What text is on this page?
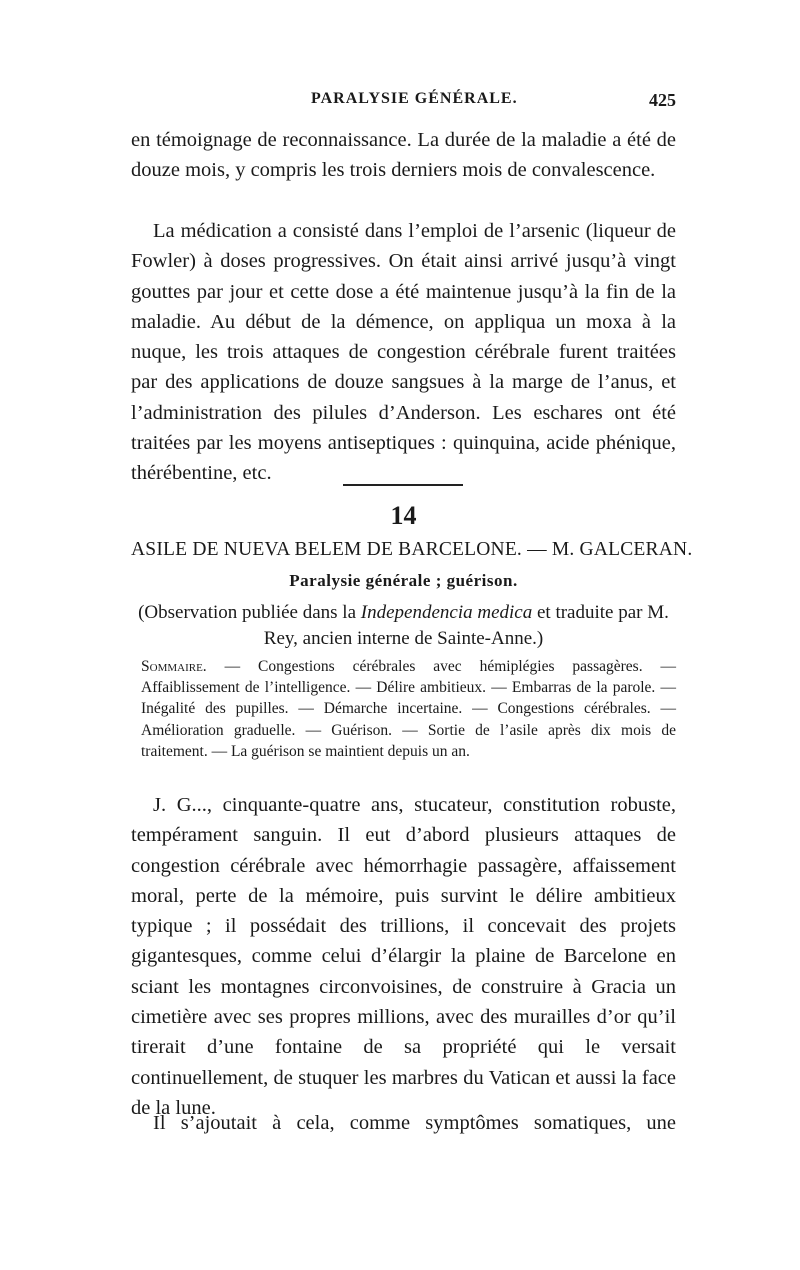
PARALYSIE GÉNÉRALE.	425

en témoignage de reconnaissance. La durée de la maladie a été de douze mois, y compris les trois derniers mois de convalescence.

La médication a consisté dans l’emploi de l’arsenic (liqueur de Fowler) à doses progressives. On était ainsi arrivé jusqu’à vingt gouttes par jour et cette dose a été maintenue jusqu’à la fin de la maladie. Au début de la démence, on appliqua un moxa à la nuque, les trois attaques de congestion cérébrale furent traitées par des applications de douze sangsues à la marge de l’anus, et l’administration des pilules d’Anderson. Les eschares ont été traitées par les moyens antiseptiques : quinquina, acide phénique, thérébentine, etc.

14
ASILE DE NUEVA BELEM DE BARCELONE. — M. GALCERAN.
Paralysie générale ; guérison.

(Observation publiée dans la Independencia medica et traduite par M. Rey, ancien interne de Sainte-Anne.)

Sommaire. — Congestions cérébrales avec hémiplégies passagères. — Affaiblissement de l’intelligence. — Délire ambitieux. — Embarras de la parole. — Inégalité des pupilles. — Démarche incertaine. — Congestions cérébrales. — Amélioration graduelle. — Guérison. — Sortie de l’asile après dix mois de traitement. — La guérison se maintient depuis un an.

J. G..., cinquante-quatre ans, stucateur, constitution robuste, tempérament sanguin. Il eut d’abord plusieurs attaques de congestion cérébrale avec hémorrhagie passagère, affaissement moral, perte de la mémoire, puis survint le délire ambitieux typique ; il possédait des trillions, il concevait des projets gigantesques, comme celui d’élargir la plaine de Barcelone en sciant les montagnes circonvoisines, de construire à Gracia un cimetière avec ses propres millions, avec des murailles d’or qu’il tirerait d’une fontaine de sa propriété qui le versait continuellement, de stuquer les marbres du Vatican et aussi la face de la lune.

Il s’ajoutait à cela, comme symptômes somatiques, une
